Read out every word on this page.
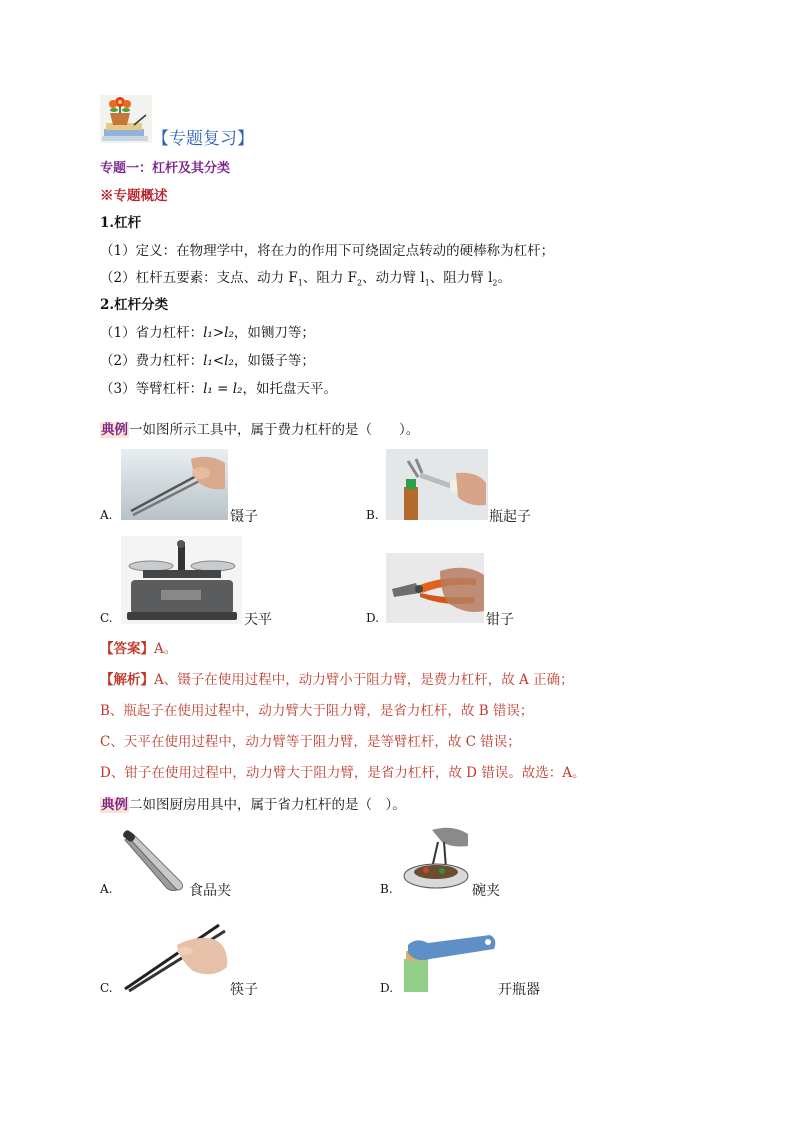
【专题复习】
专题一：杠杆及其分类
※专题概述
1.杠杆
（1）定义：在物理学中，将在力的作用下可绕固定点转动的硬棒称为杠杆；
（2）杠杆五要素：支点、动力 $F_1$、阻力 $F_2$、动力臂 $l_1$、阻力臂 $l_2$。
2.杠杆分类
（1）省力杠杆：l₁>l₂，如铡刀等；
（2）费力杠杆：l₁<l₂，如镊子等；
（3）等臂杠杆：l₁ = l₂，如托盘天平。
典例一如图所示工具中，属于费力杠杆的是（　　）。
A.	镊子	B.	瓶起子
C.	天平	D.	钳子
【答案】A。
【解析】A、镊子在使用过程中，动力臂小于阻力臂，是费力杠杆，故 A 正确；
B、瓶起子在使用过程中，动力臂大于阻力臂，是省力杠杆，故 B 错误；
C、天平在使用过程中，动力臂等于阻力臂，是等臂杠杆，故 C 错误；
D、钳子在使用过程中，动力臂大于阻力臂，是省力杠杆，故 D 错误。故选：A。
典例二如图厨房用具中，属于省力杠杆的是（　）。
A.	食品夹	B.	碗夹
C.	筷子	D.	开瓶器
